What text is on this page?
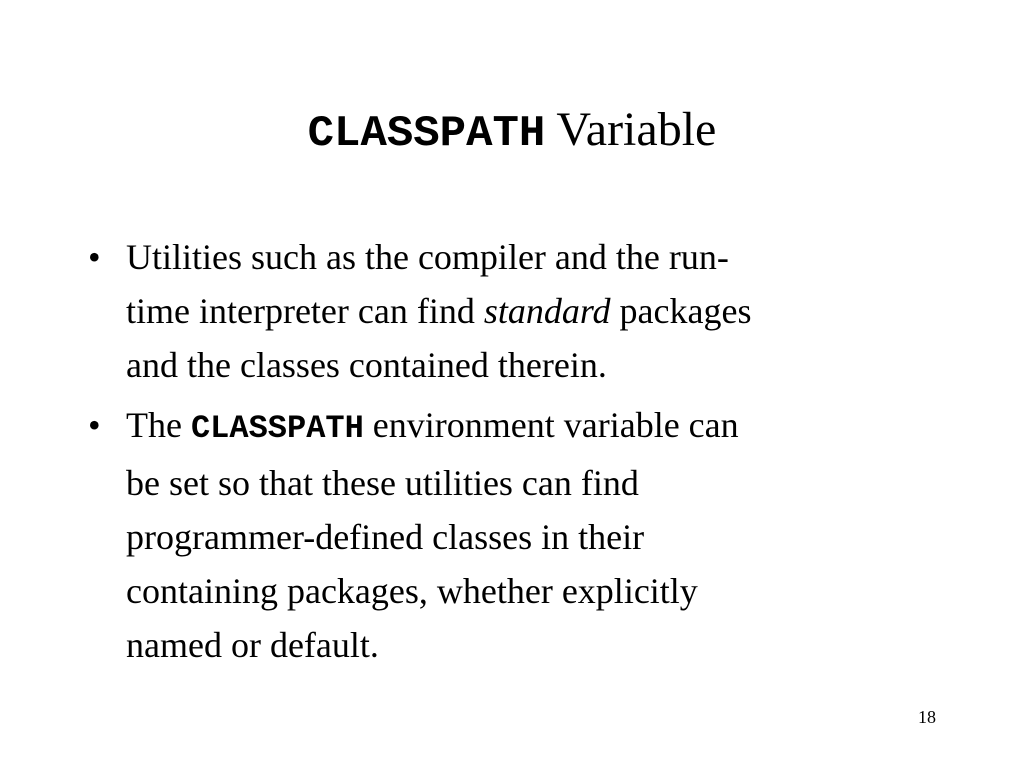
CLASSPATH Variable
• Utilities such as the compiler and the run-
time interpreter can find standard packages
and the classes contained therein.
• The CLASSPATH environment variable can
be set so that these utilities can find
programmer-defined classes in their
containing packages, whether explicitly
named or default.
18
